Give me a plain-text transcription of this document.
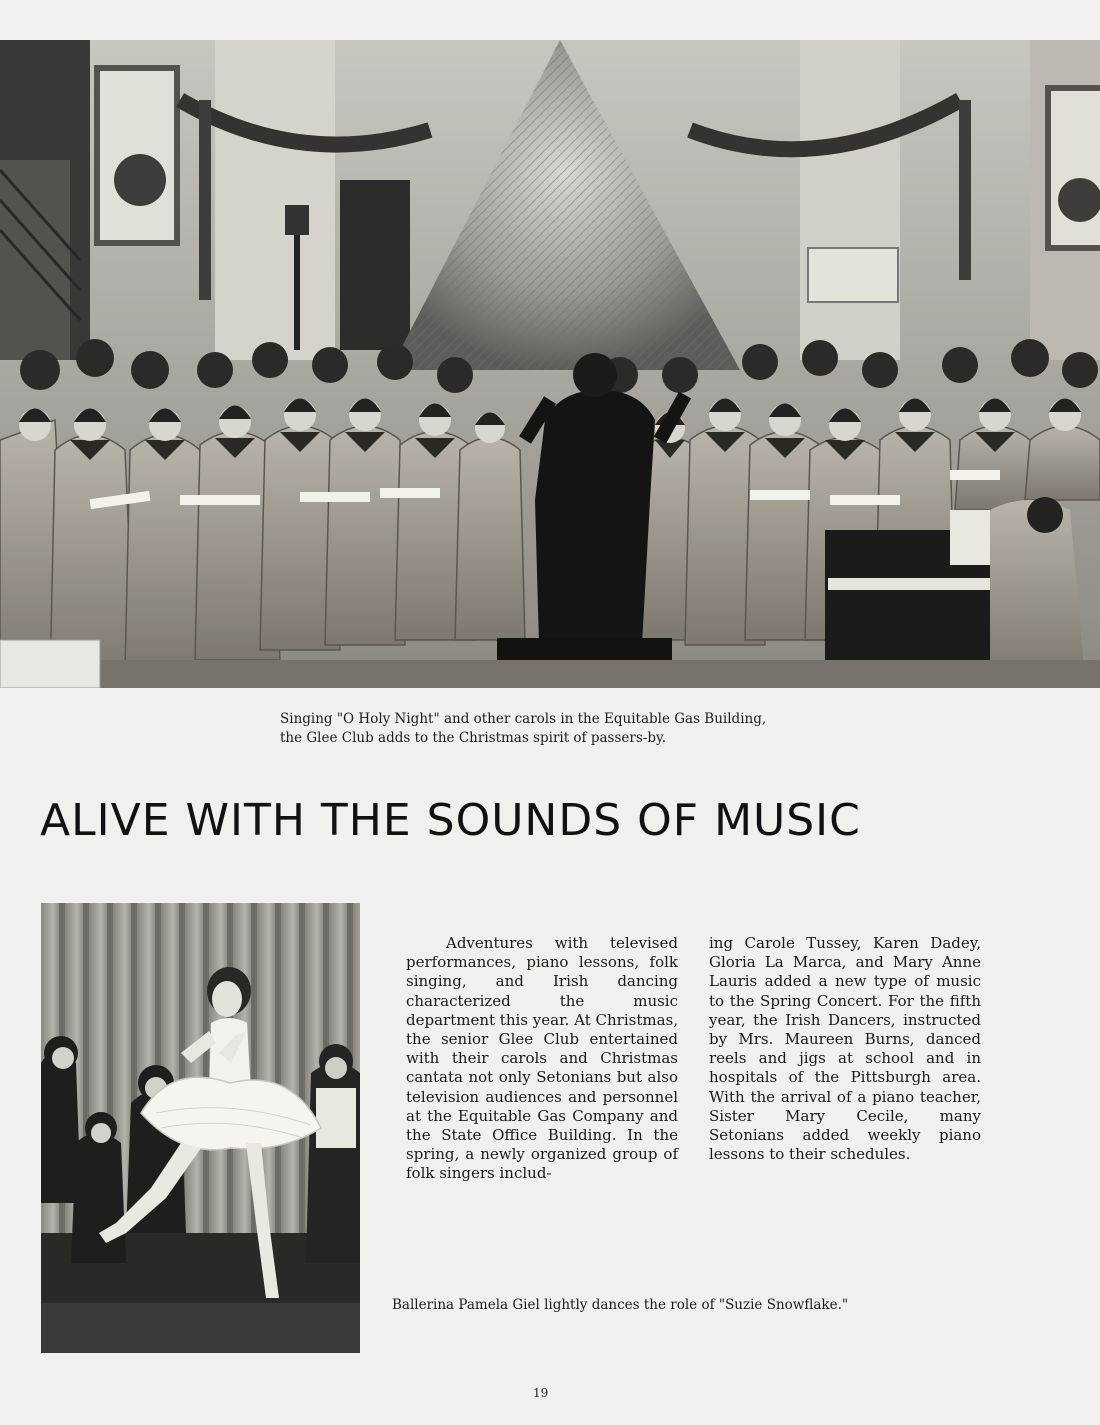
Singing "O Holy Night" and other carols in the Equitable Gas Building,
the Glee Club adds to the Christmas spirit of passers-by.
ALIVE WITH THE SOUNDS OF MUSIC

Adventures with televised performances, piano lessons, folk singing, and Irish dancing characterized the music department this year. At Christmas, the senior Glee Club entertained with their carols and Christmas cantata not only Setonians but also television audiences and personnel at the Equitable Gas Company and the State Office Building. In the spring, a newly organized group of folk singers includ-

ing Carole Tussey, Karen Dadey, Gloria La Marca, and Mary Anne Lauris added a new type of music to the Spring Concert. For the fifth year, the Irish Dancers, instructed by Mrs. Maureen Burns, danced reels and jigs at school and in hospitals of the Pittsburgh area. With the arrival of a piano teacher, Sister Mary Cecile, many Setonians added weekly piano lessons to their schedules.

Ballerina Pamela Giel lightly dances the role of "Suzie Snowflake."
19
